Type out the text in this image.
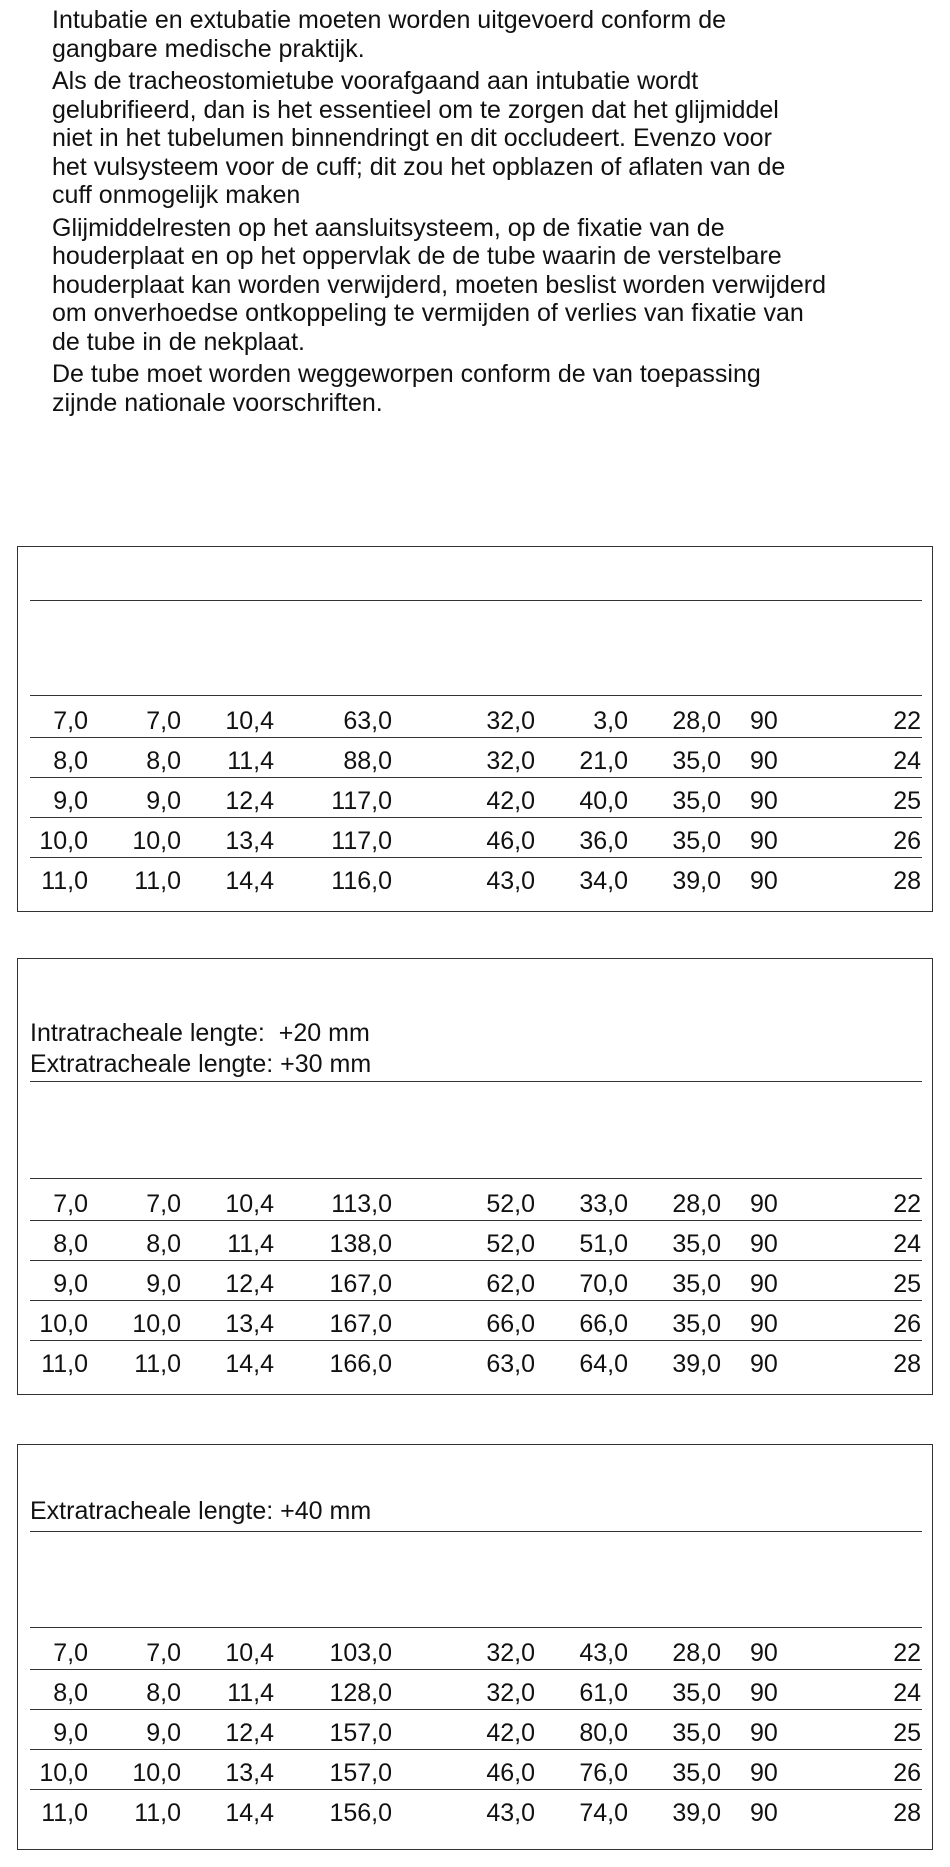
Intubatie en extubatie moeten worden uitgevoerd conform de
gangbare medische praktijk.

Als de tracheostomietube voorafgaand aan intubatie wordt
gelubrifieerd, dan is het essentieel om te zorgen dat het glijmiddel
niet in het tubelumen binnendringt en dit occludeert. Evenzo voor
het vulsysteem voor de cuff; dit zou het opblazen of aflaten van de
cuff onmogelijk maken

Glijmiddelresten op het aansluitsysteem, op de fixatie van de
houderplaat en op het oppervlak de de tube waarin de verstelbare
houderplaat kan worden verwijderd, moeten beslist worden verwijderd
om onverhoedse ontkoppeling te vermijden of verlies van fixatie van
de tube in de nekplaat.

De tube moet worden weggeworpen conform de van toepassing
zijnde nationale voorschriften.

7,0	7,0	10,4	63,0	32,0	3,0	28,0 90	22
8,0	8,0	11,4	88,0	32,0	21,0	35,0 90	24
9,0	9,0	12,4	117,0	42,0	40,0	35,0 90	25
10,0	10,0	13,4	117,0	46,0	36,0	35,0 90	26
11,0	11,0	14,4	116,0	43,0	34,0	39,0 90	28
Intratracheale lengte:  +20 mm
Extratracheale lengte: +30 mm
7,0	7,0	10,4	113,0	52,0	33,0	28,0 90	22
8,0	8,0	11,4	138,0	52,0	51,0	35,0 90	24
9,0	9,0	12,4	167,0	62,0	70,0	35,0 90	25
10,0	10,0	13,4	167,0	66,0	66,0	35,0 90	26
11,0	11,0	14,4	166,0	63,0	64,0	39,0 90	28
Extratracheale lengte: +40 mm
7,0	7,0	10,4	103,0	32,0	43,0	28,0 90	22
8,0	8,0	11,4	128,0	32,0	61,0	35,0 90	24
9,0	9,0	12,4	157,0	42,0	80,0	35,0 90	25
10,0	10,0	13,4	157,0	46,0	76,0	35,0 90	26
11,0	11,0	14,4	156,0	43,0	74,0	39,0 90	28
